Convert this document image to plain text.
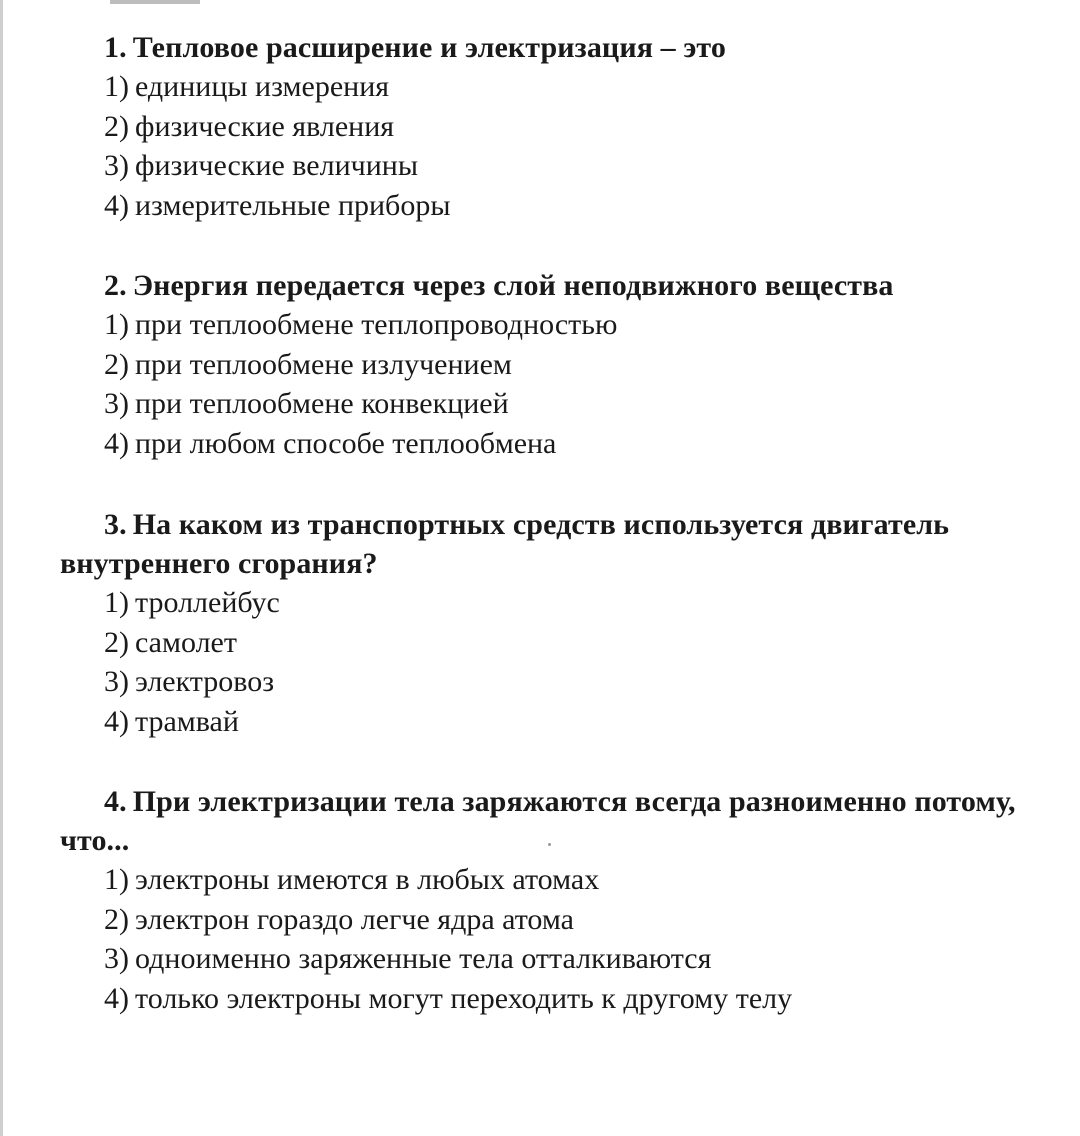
1. Тепловое расширение и электризация – это

1) единицы измерения
2) физические явления
3) физические величины
4) измерительные приборы

2. Энергия передается через слой неподвижного вещества

1) при теплообмене теплопроводностью
2) при теплообмене излучением
3) при теплообмене конвекцией
4) при любом способе теплообмена

3. На каком из транспортных средств используется двигатель внутреннего сгорания?

1) троллейбус
2) самолет
3) электровоз
4) трамвай

4. При электризации тела заряжаются всегда разноименно потому, что...

1) электроны имеются в любых атомах
2) электрон гораздо легче ядра атома
3) одноименно заряженные тела отталкиваются
4) только электроны могут переходить к другому телу
